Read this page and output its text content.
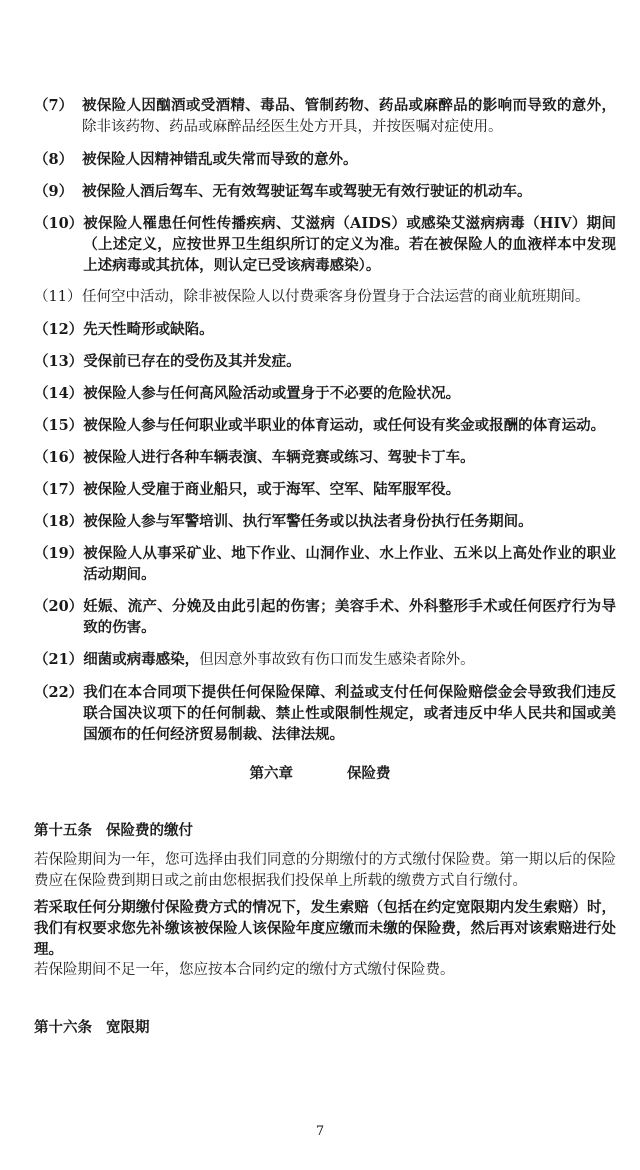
（7） 被保险人因酗酒或受酒精、毒品、管制药物、药品或麻醉品的影响而导致的意外，除非该药物、药品或麻醉品经医生处方开具，并按医嘱对症使用。
（8） 被保险人因精神错乱或失常而导致的意外。
（9） 被保险人酒后驾车、无有效驾驶证驾车或驾驶无有效行驶证的机动车。
（10） 被保险人罹患任何性传播疾病、艾滋病（AIDS）或感染艾滋病病毒（HIV）期间（上述定义，应按世界卫生组织所订的定义为准。若在被保险人的血液样本中发现上述病毒或其抗体，则认定已受该病毒感染）。
（11） 任何空中活动，除非被保险人以付费乘客身份置身于合法运营的商业航班期间。
（12） 先天性畸形或缺陷。
（13） 受保前已存在的受伤及其并发症。
（14） 被保险人参与任何高风险活动或置身于不必要的危险状况。
（15） 被保险人参与任何职业或半职业的体育运动，或任何设有奖金或报酬的体育运动。
（16） 被保险人进行各种车辆表演、车辆竞赛或练习、驾驶卡丁车。
（17） 被保险人受雇于商业船只，或于海军、空军、陆军服军役。
（18） 被保险人参与军警培训、执行军警任务或以执法者身份执行任务期间。
（19） 被保险人从事采矿业、地下作业、山洞作业、水上作业、五米以上高处作业的职业活动期间。
（20） 妊娠、流产、分娩及由此引起的伤害；美容手术、外科整形手术或任何医疗行为导致的伤害。
（21） 细菌或病毒感染，但因意外事故致有伤口而发生感染者除外。
（22） 我们在本合同项下提供任何保险保障、利益或支付任何保险赔偿金会导致我们违反联合国决议项下的任何制裁、禁止性或限制性规定，或者违反中华人民共和国或美国颁布的任何经济贸易制裁、法律法规。
第六章	保险费
第十五条 保险费的缴付
若保险期间为一年，您可选择由我们同意的分期缴付的方式缴付保险费。第一期以后的保险费应在保险费到期日或之前由您根据我们投保单上所载的缴费方式自行缴付。
若采取任何分期缴付保险费方式的情况下，发生索赔（包括在约定宽限期内发生索赔）时，我们有权要求您先补缴该被保险人该保险年度应缴而未缴的保险费，然后再对该索赔进行处理。
若保险期间不足一年，您应按本合同约定的缴付方式缴付保险费。
第十六条 宽限期
7
